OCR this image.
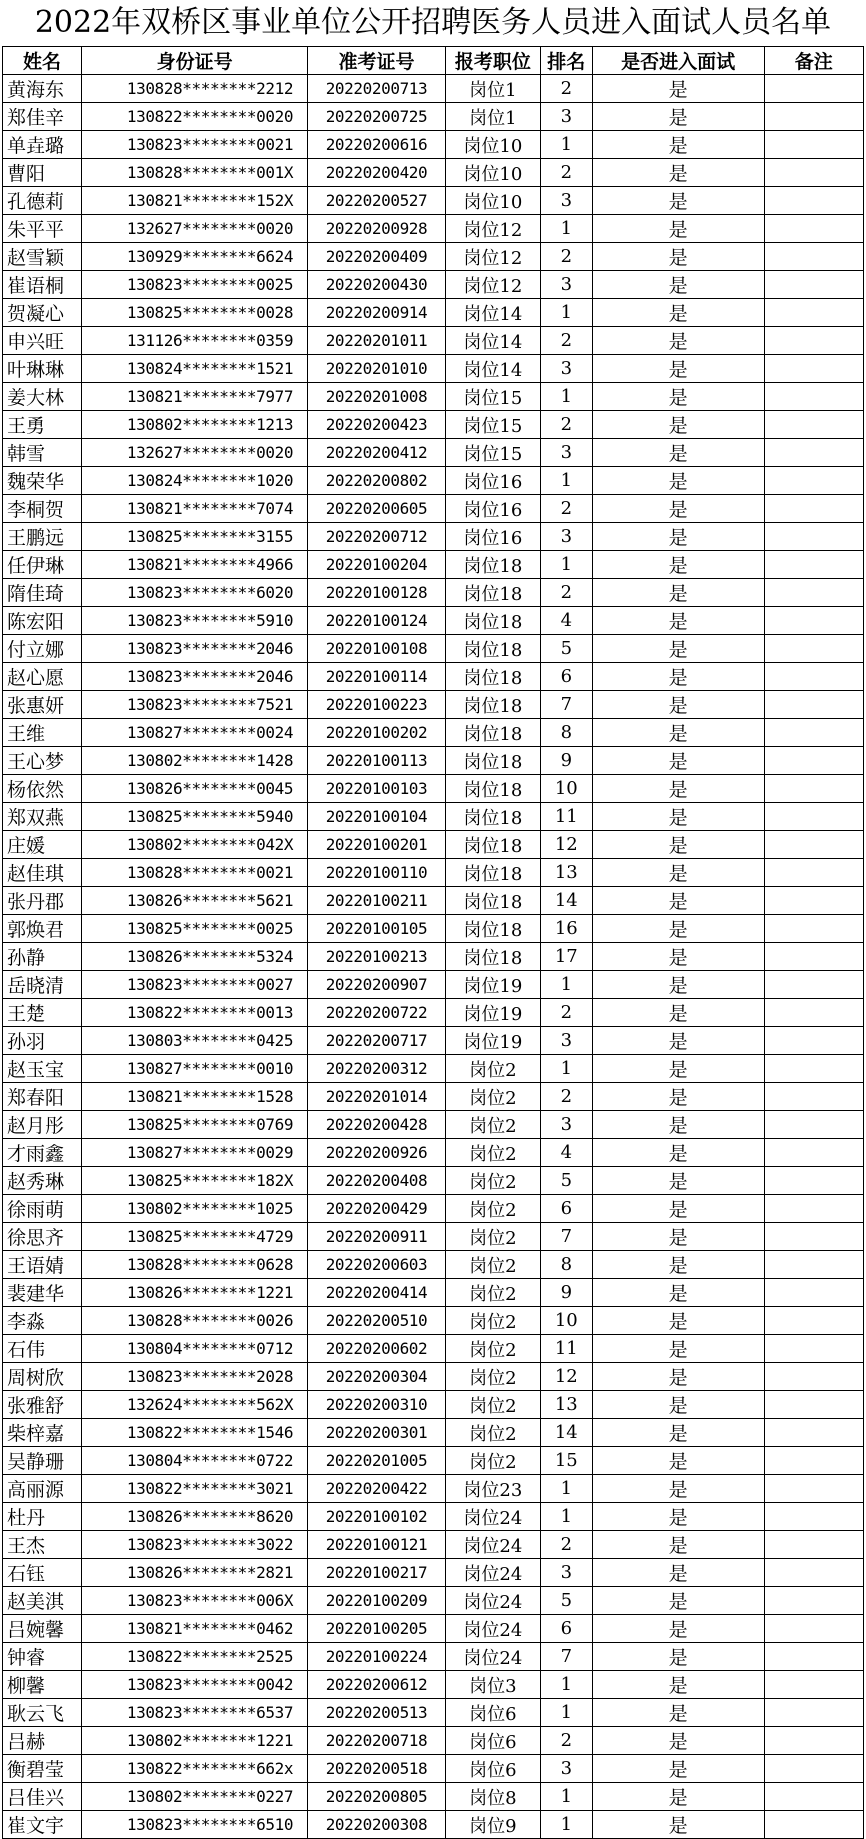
2022年双桥区事业单位公开招聘医务人员进入面试人员名单
姓名	身份证号	准考证号	报考职位	排名	是否进入面试	备注
黄海东	130828********2212	20220200713	岗位1	2	是	
郑佳辛	130822********0020	20220200725	岗位1	3	是	
单垚璐	130823********0021	20220200616	岗位10	1	是	
曹阳	130828********001X	20220200420	岗位10	2	是	
孔德莉	130821********152X	20220200527	岗位10	3	是	
朱平平	132627********0020	20220200928	岗位12	1	是	
赵雪颖	130929********6624	20220200409	岗位12	2	是	
崔语桐	130823********0025	20220200430	岗位12	3	是	
贺凝心	130825********0028	20220200914	岗位14	1	是	
申兴旺	131126********0359	20220201011	岗位14	2	是	
叶琳琳	130824********1521	20220201010	岗位14	3	是	
姜大林	130821********7977	20220201008	岗位15	1	是	
王勇	130802********1213	20220200423	岗位15	2	是	
韩雪	132627********0020	20220200412	岗位15	3	是	
魏荣华	130824********1020	20220200802	岗位16	1	是	
李桐贺	130821********7074	20220200605	岗位16	2	是	
王鹏远	130825********3155	20220200712	岗位16	3	是	
任伊琳	130821********4966	20220100204	岗位18	1	是	
隋佳琦	130823********6020	20220100128	岗位18	2	是	
陈宏阳	130823********5910	20220100124	岗位18	4	是	
付立娜	130823********2046	20220100108	岗位18	5	是	
赵心愿	130823********2046	20220100114	岗位18	6	是	
张惠妍	130823********7521	20220100223	岗位18	7	是	
王维	130827********0024	20220100202	岗位18	8	是	
王心梦	130802********1428	20220100113	岗位18	9	是	
杨依然	130826********0045	20220100103	岗位18	10	是	
郑双燕	130825********5940	20220100104	岗位18	11	是	
庄媛	130802********042X	20220100201	岗位18	12	是	
赵佳琪	130828********0021	20220100110	岗位18	13	是	
张丹郡	130826********5621	20220100211	岗位18	14	是	
郭焕君	130825********0025	20220100105	岗位18	16	是	
孙静	130826********5324	20220100213	岗位18	17	是	
岳晓清	130823********0027	20220200907	岗位19	1	是	
王楚	130822********0013	20220200722	岗位19	2	是	
孙羽	130803********0425	20220200717	岗位19	3	是	
赵玉宝	130827********0010	20220200312	岗位2	1	是	
郑春阳	130821********1528	20220201014	岗位2	2	是	
赵月彤	130825********0769	20220200428	岗位2	3	是	
才雨鑫	130827********0029	20220200926	岗位2	4	是	
赵秀琳	130825********182X	20220200408	岗位2	5	是	
徐雨萌	130802********1025	20220200429	岗位2	6	是	
徐思齐	130825********4729	20220200911	岗位2	7	是	
王语婧	130828********0628	20220200603	岗位2	8	是	
裴建华	130826********1221	20220200414	岗位2	9	是	
李淼	130828********0026	20220200510	岗位2	10	是	
石伟	130804********0712	20220200602	岗位2	11	是	
周树欣	130823********2028	20220200304	岗位2	12	是	
张雅舒	132624********562X	20220200310	岗位2	13	是	
柴梓嘉	130822********1546	20220200301	岗位2	14	是	
吴静珊	130804********0722	20220201005	岗位2	15	是	
高丽源	130822********3021	20220200422	岗位23	1	是	
杜丹	130826********8620	20220100102	岗位24	1	是	
王杰	130823********3022	20220100121	岗位24	2	是	
石钰	130826********2821	20220100217	岗位24	3	是	
赵美淇	130823********006X	20220100209	岗位24	5	是	
吕婉馨	130821********0462	20220100205	岗位24	6	是	
钟睿	130822********2525	20220100224	岗位24	7	是	
柳馨	130823********0042	20220200612	岗位3	1	是	
耿云飞	130823********6537	20220200513	岗位6	1	是	
吕赫	130802********1221	20220200718	岗位6	2	是	
衡碧莹	130822********662x	20220200518	岗位6	3	是	
吕佳兴	130802********0227	20220200805	岗位8	1	是	
崔文宇	130823********6510	20220200308	岗位9	1	是	
